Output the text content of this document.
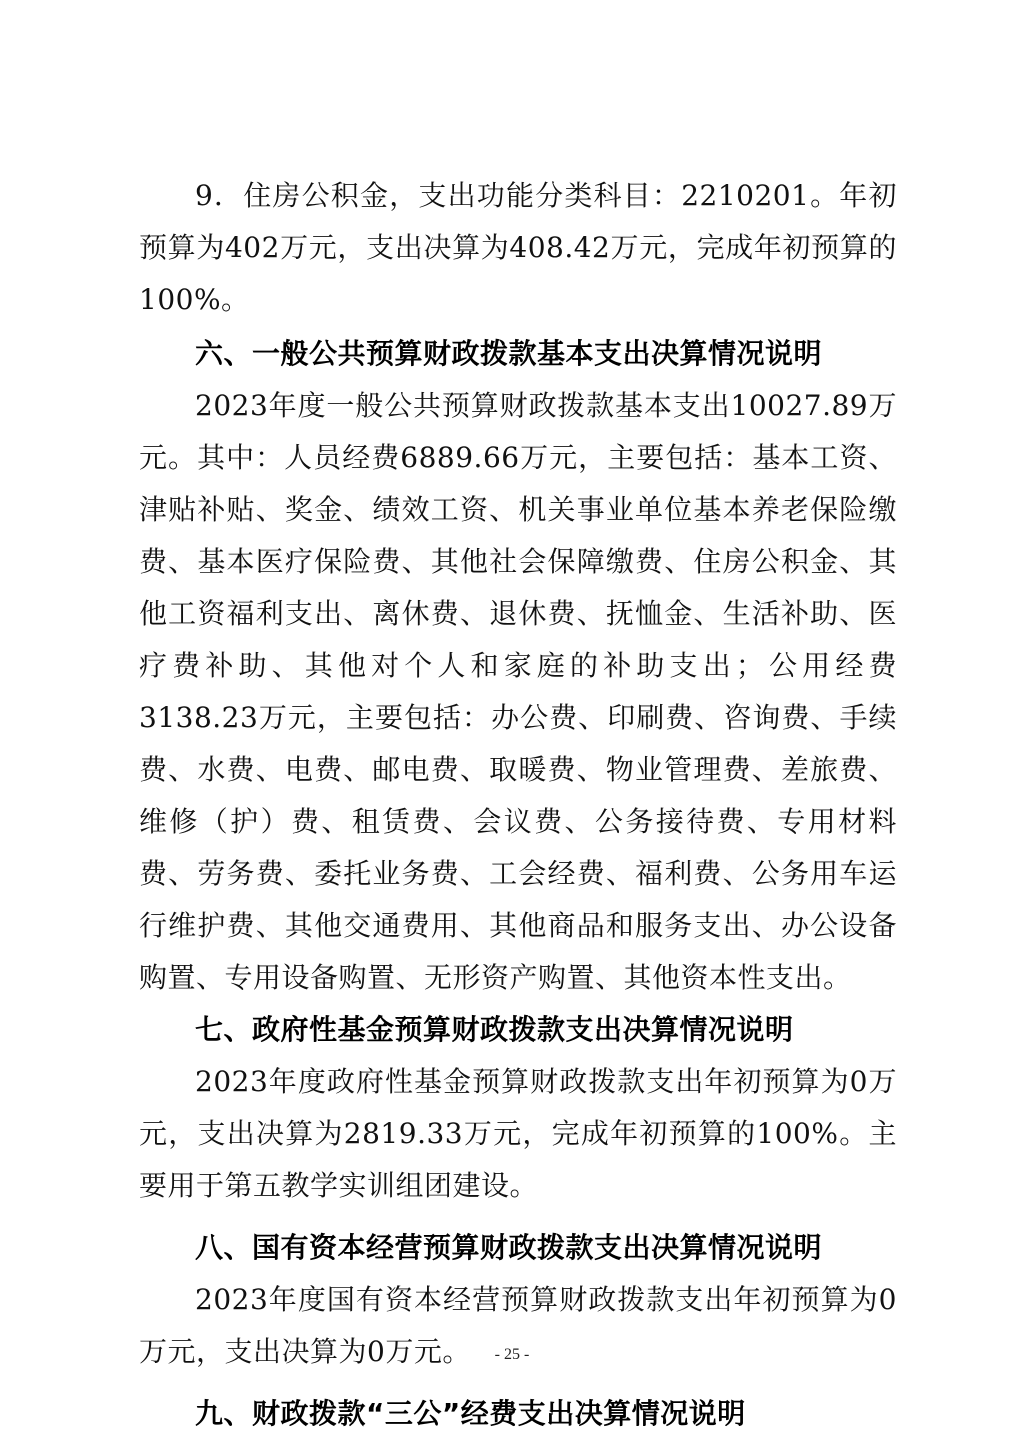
9．住房公积金，支出功能分类科目：2210201。年初预算为402万元，支出决算为408.42万元，完成年初预算的100%。

六、一般公共预算财政拨款基本支出决算情况说明

2023年度一般公共预算财政拨款基本支出10027.89万元。其中：人员经费6889.66万元，主要包括：基本工资、津贴补贴、奖金、绩效工资、机关事业单位基本养老保险缴费、基本医疗保险费、其他社会保障缴费、住房公积金、其他工资福利支出、离休费、退休费、抚恤金、生活补助、医疗费补助、其他对个人和家庭的补助支出；公用经费3138.23万元，主要包括：办公费、印刷费、咨询费、手续费、水费、电费、邮电费、取暖费、物业管理费、差旅费、维修（护）费、租赁费、会议费、公务接待费、专用材料费、劳务费、委托业务费、工会经费、福利费、公务用车运行维护费、其他交通费用、其他商品和服务支出、办公设备购置、专用设备购置、无形资产购置、其他资本性支出。

七、政府性基金预算财政拨款支出决算情况说明

2023年度政府性基金预算财政拨款支出年初预算为0万元，支出决算为2819.33万元，完成年初预算的100%。主要用于第五教学实训组团建设。

八、国有资本经营预算财政拨款支出决算情况说明

2023年度国有资本经营预算财政拨款支出年初预算为0万元，支出决算为0万元。

九、财政拨款“三公”经费支出决算情况说明

- 25 -
